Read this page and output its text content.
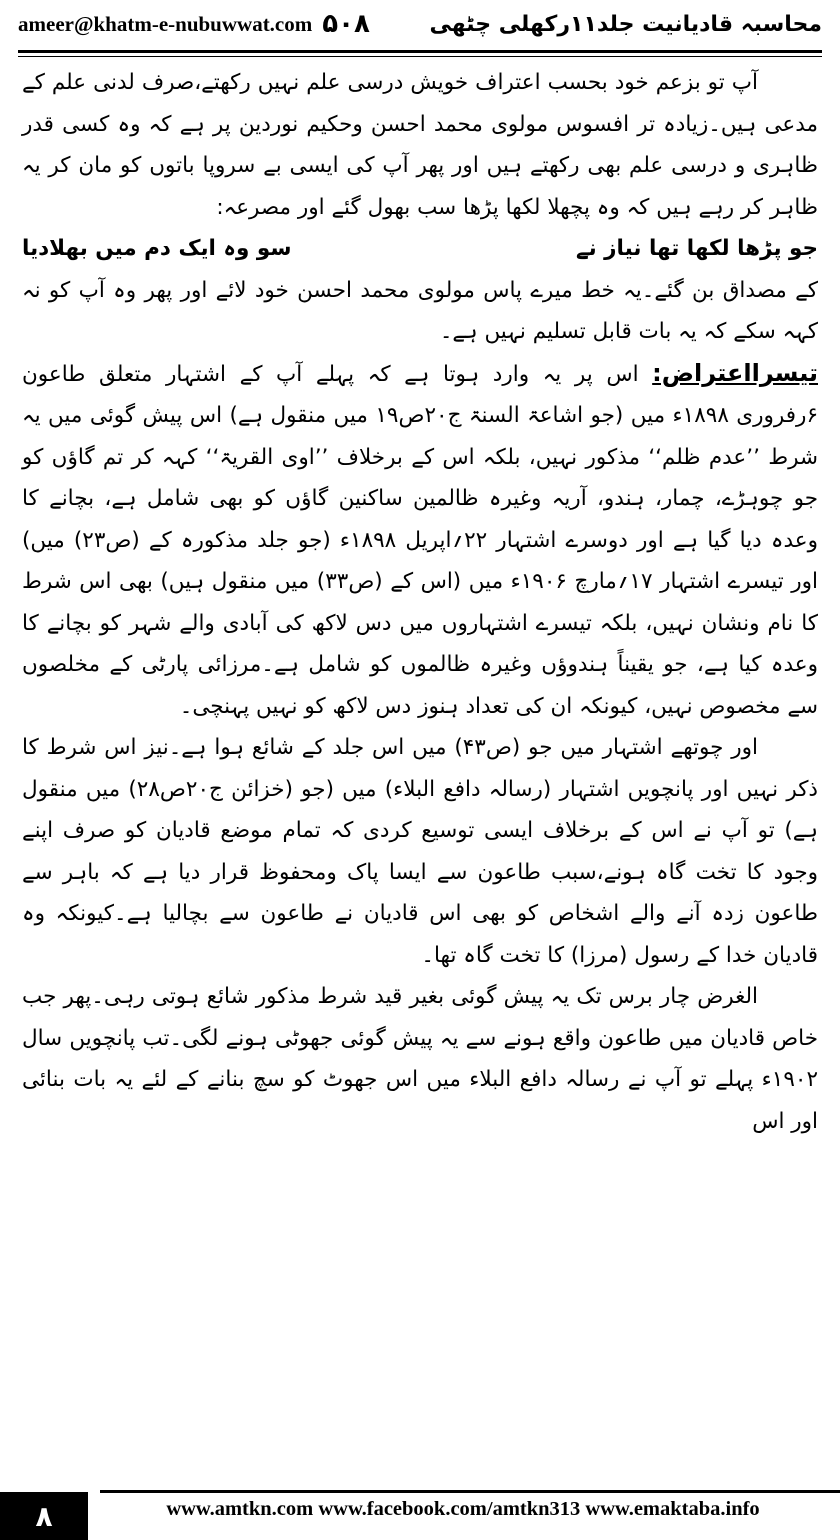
ameer@khatm-e-nubuwwat.com ۵۰۸	محاسبہ قادیانیت جلد۱۱رکھلی چٹھی

آپ تو بزعم خود بحسب اعتراف خویش درسی علم نہیں رکھتے،صرف لدنی علم کے مدعی ہیں۔زیادہ تر افسوس مولوی محمد احسن وحکیم نوردین پر ہے کہ وہ کسی قدر ظاہری و درسی علم بھی رکھتے ہیں اور پھر آپ کی ایسی بے سروپا باتوں کو مان کر یہ ظاہر کر رہے ہیں کہ وہ پچھلا لکھا پڑھا سب بھول گئے اور مصرعہ:

جو پڑھا لکھا تھا نیاز نے
سو وہ ایک دم میں بھلادیا

کے مصداق بن گئے۔یہ خط میرے پاس مولوی محمد احسن خود لائے اور پھر وہ آپ کو نہ کہہ سکے کہ یہ بات قابل تسلیم نہیں ہے۔

تیسرااعتراض: اس پر یہ وارد ہوتا ہے کہ پہلے آپ کے اشتہار متعلق طاعون ۶رفروری ۱۸۹۸ء میں (جو اشاعۃ السنۃ ج۲۰ص۱۹ میں منقول ہے) اس پیش گوئی میں یہ شرط ’’عدم ظلم‘‘ مذکور نہیں، بلکہ اس کے برخلاف ’’اوی القریۃ‘‘ کہہ کر تم گاؤں کو جو چوہڑے، چمار، ہندو، آریہ وغیرہ ظالمین ساکنین گاؤں کو بھی شامل ہے، بچانے کا وعدہ دیا گیا ہے اور دوسرے اشتہار ۲۲؍اپریل ۱۸۹۸ء (جو جلد مذکورہ کے (ص۲۳) میں) اور تیسرے اشتہار ۱۷؍مارچ ۱۹۰۶ء میں (اس کے (ص۳۳) میں منقول ہیں) بھی اس شرط کا نام ونشان نہیں، بلکہ تیسرے اشتہاروں میں دس لاکھ کی آبادی والے شہر کو بچانے کا وعدہ کیا ہے، جو یقیناً ہندوؤں وغیرہ ظالموں کو شامل ہے۔مرزائی پارٹی کے مخلصوں سے مخصوص نہیں، کیونکہ ان کی تعداد ہنوز دس لاکھ کو نہیں پہنچی۔

اور چوتھے اشتہار میں جو (ص۴۳) میں اس جلد کے شائع ہوا ہے۔نیز اس شرط کا ذکر نہیں اور پانچویں اشتہار (رسالہ دافع البلاء) میں (جو (خزائن ج۲۰ص۲۸) میں منقول ہے) تو آپ نے اس کے برخلاف ایسی توسیع کردی کہ تمام موضع قادیان کو صرف اپنے وجود کا تخت گاہ ہونے،سبب طاعون سے ایسا پاک ومحفوظ قرار دیا ہے کہ باہر سے طاعون زدہ آنے والے اشخاص کو بھی اس قادیان نے طاعون سے بچالیا ہے۔کیونکہ وہ قادیان خدا کے رسول (مرزا) کا تخت گاہ تھا۔

الغرض چار برس تک یہ پیش گوئی بغیر قید شرط مذکور شائع ہوتی رہی۔پھر جب خاص قادیان میں طاعون واقع ہونے سے یہ پیش گوئی جھوٹی ہونے لگی۔تب پانچویں سال ۱۹۰۲ء پہلے تو آپ نے رسالہ دافع البلاء میں اس جھوٹ کو سچ بنانے کے لئے یہ بات بنائی اور اس

۸	www.amtkn.com www.facebook.com/amtkn313 www.emaktaba.info
